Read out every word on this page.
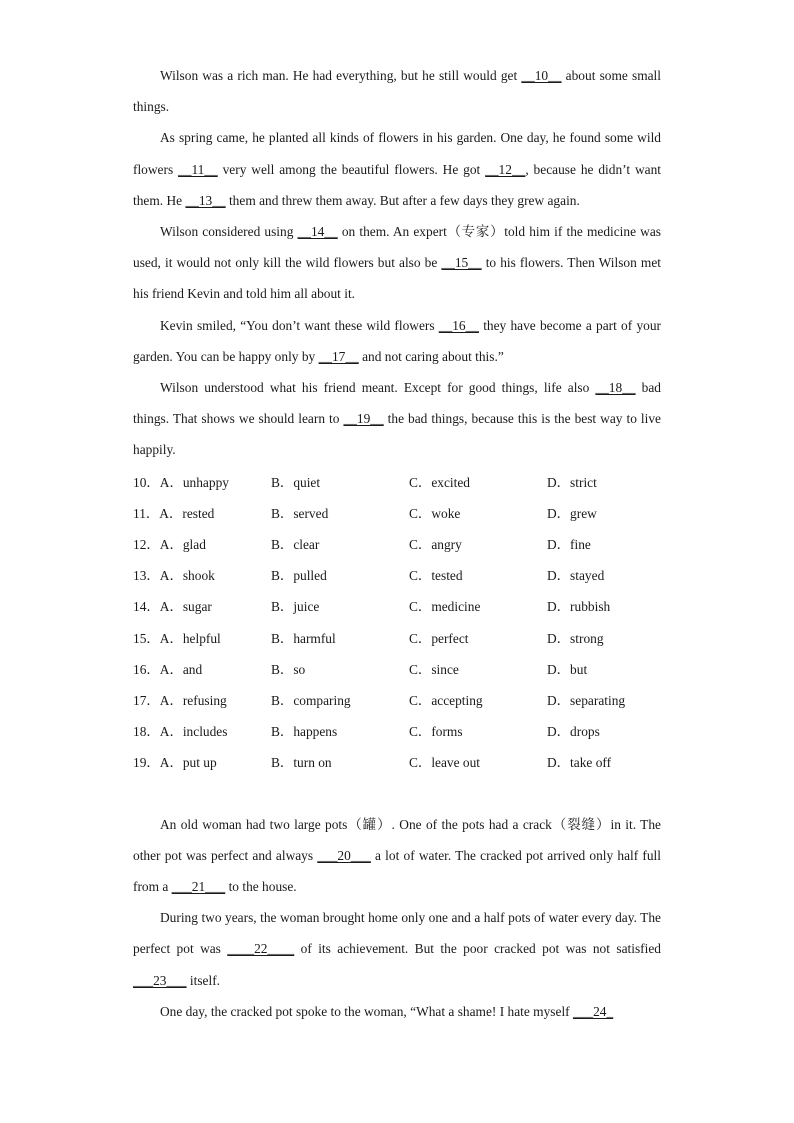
Wilson was a rich man. He had everything, but he still would get __10__ about some small things.

As spring came, he planted all kinds of flowers in his garden. One day, he found some wild flowers __11__ very well among the beautiful flowers. He got __12__, because he didn’t want them. He __13__ them and threw them away. But after a few days they grew again.

Wilson considered using __14__ on them. An expert（专家）told him if the medicine was used, it would not only kill the wild flowers but also be __15__ to his flowers. Then Wilson met his friend Kevin and told him all about it.

Kevin smiled, “You don’t want these wild flowers __16__ they have become a part of your garden. You can be happy only by __17__ and not caring about this.”

Wilson understood what his friend meant. Except for good things, life also __18__ bad things. That shows we should learn to __19__ the bad things, because this is the best way to live happily.

10．A．unhappy	B．quiet	C．excited	D．strict
11．A．rested	B．served	C．woke	D．grew
12．A．glad	B．clear	C．angry	D．fine
13．A．shook	B．pulled	C．tested	D．stayed
14．A．sugar	B．juice	C．medicine	D．rubbish
15．A．helpful	B．harmful	C．perfect	D．strong
16．A．and	B．so	C．since	D．but
17．A．refusing	B．comparing	C．accepting	D．separating
18．A．includes	B．happens	C．forms	D．drops
19．A．put up	B．turn on	C．leave out	D．take off

An old woman had two large pots（罐）. One of the pots had a crack（裂缝）in it. The other pot was perfect and always ___20___ a lot of water. The cracked pot arrived only half full from a ___21___ to the house.

During two years, the woman brought home only one and a half pots of water every day. The perfect pot was ____22____ of its achievement. But the poor cracked pot was not satisfied ___23___ itself.

One day, the cracked pot spoke to the woman, “What a shame! I hate myself ___24_
